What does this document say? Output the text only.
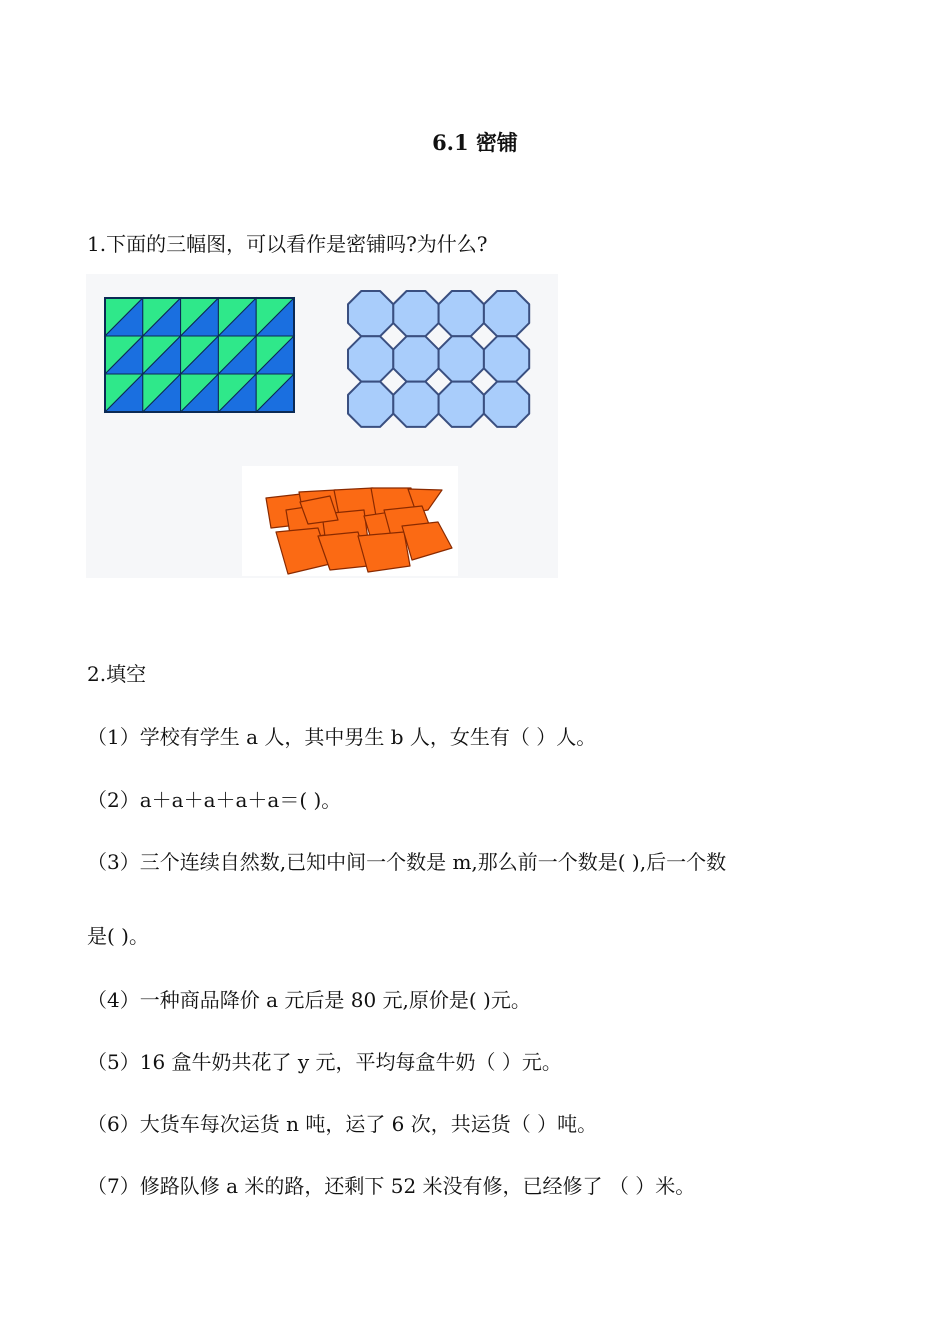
6.1 密铺
1.下面的三幅图，可以看作是密铺吗?为什么?
2.填空
（1）学校有学生 a 人，其中男生 b 人，女生有（ ）人。
（2）a＋a＋a＋a＋a＝( )。
（3）三个连续自然数,已知中间一个数是 m,那么前一个数是( ),后一个数
是( )。
（4）一种商品降价 a 元后是 80 元,原价是( )元。
（5）16 盒牛奶共花了 y 元，平均每盒牛奶（ ）元。
（6）大货车每次运货 n 吨，运了 6 次，共运货（ ）吨。
（7）修路队修 a 米的路，还剩下 52 米没有修，已经修了 （ ）米。
